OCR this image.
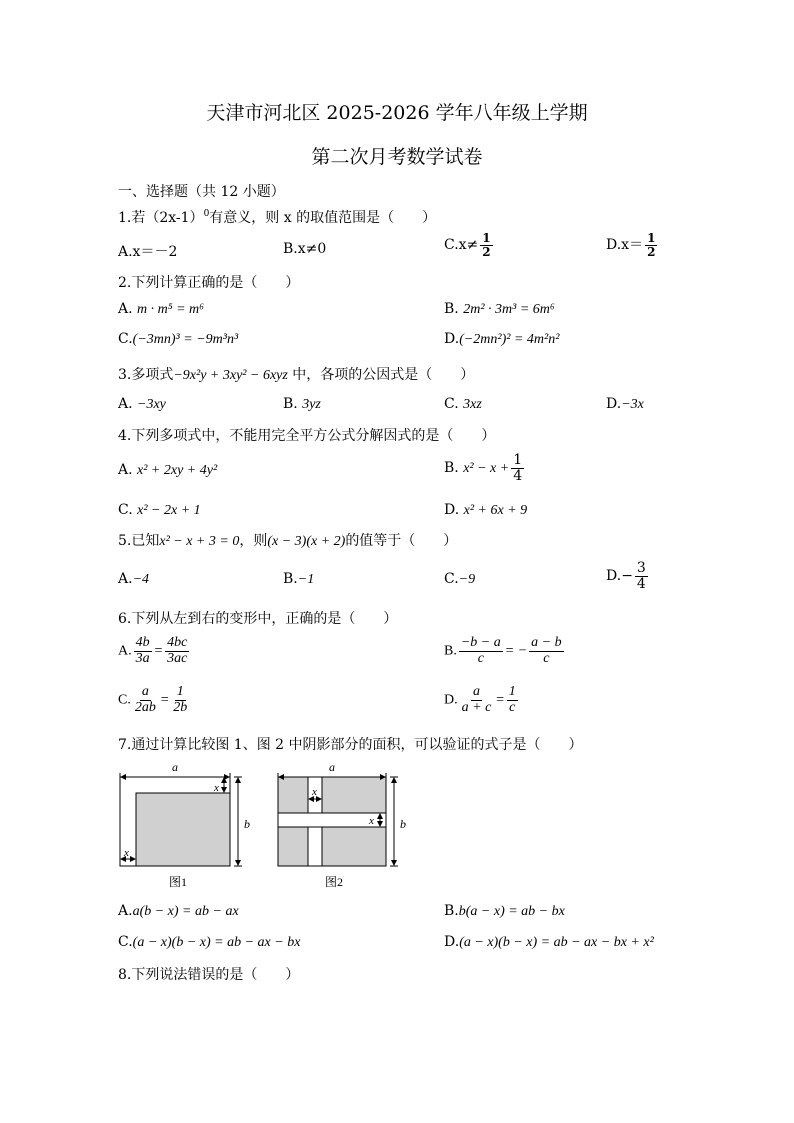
天津市河北区 2025-2026 学年八年级上学期
第二次月考数学试卷
一、选择题（共 12 小题）
1.若$(2x-1)^0$有意义，则 x 的取值范围是（　　）
A.x＝－2	B.x≠0	$C.x\ne \frac{1}{2}$	$D.x= \frac{1}{2}$
2.下列计算正确的是（　　）
A. m · m⁵ = m⁶	B. 2m² · 3m³ = 6m⁶
C.(−3mn)³ = −9m³n³	D.(−2mn²)² = 4m²n²
3.多项式−9x²y + 3xy² − 6xyz 中，各项的公因式是（　　）
A. −3xy	B. 3yz	C. 3xz	D.−3x
4.下列多项式中，不能用完全平方公式分解因式的是（　　）
A. x² + 2xy + 4y²	B. $x^2 - x + \frac{1}{4}$
C. x² − 2x + 1	D. x² + 6x + 9
5.已知x² − x + 3 = 0，则(x − 3)(x + 2)的值等于（　　）
A.−4	B.−1	C.−9	$D.- \frac{3}{4}$
6.下列从左到右的变形中，正确的是（　　）
A. $\frac{4b}{3a} = \frac{4bc}{3ac}$	B. $\frac{-b - a}{c}$ = − $\frac{a - b}{c}$
C. $\frac{a}{2ab} = \frac{1}{2b}$	D. $\frac{a}{a + c} = \frac{1}{c}$
7.通过计算比较图 1、图 2 中阴影部分的面积，可以验证的式子是（　　）
a
b
x
x
图1
a
b
x
x
图2
A.a(b − x) = ab − ax	B.b(a − x) = ab − bx
C.(a − x)(b − x) = ab − ax − bx	D.(a − x)(b − x) = ab − ax − bx + x²
8.下列说法错误的是（　　）
